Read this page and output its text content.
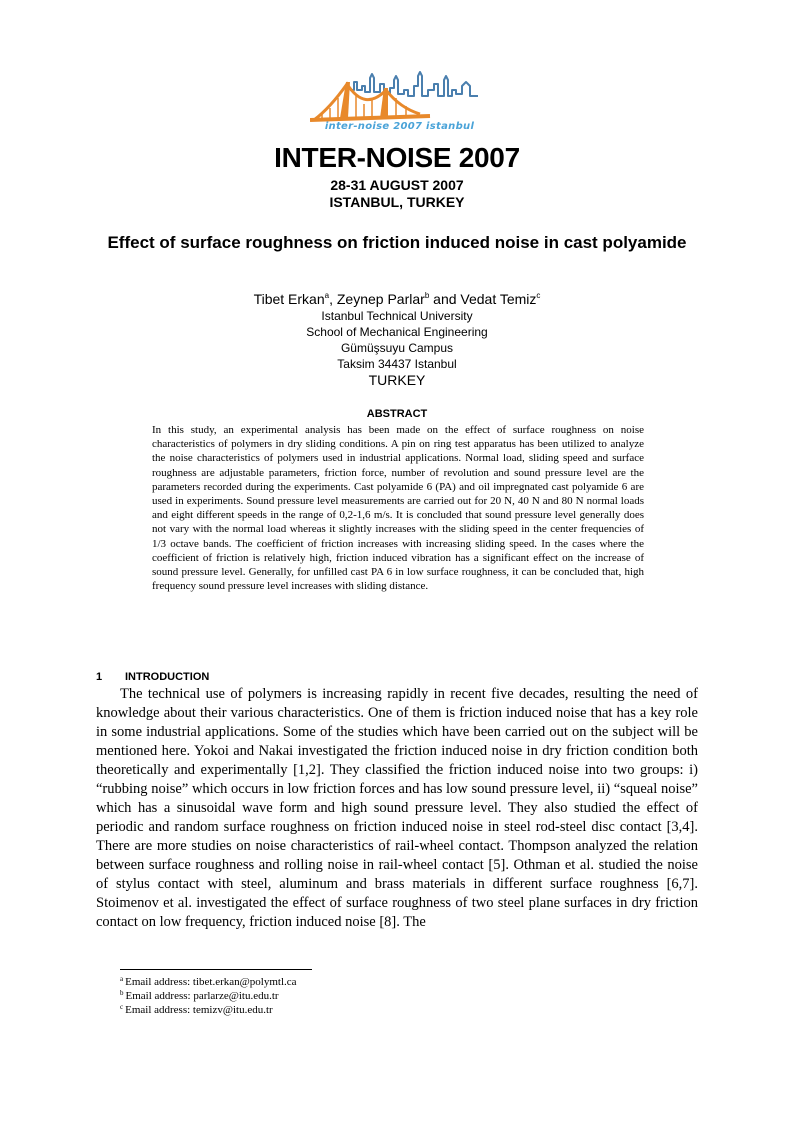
inter-noise 2007 istanbul
INTER-NOISE 2007
28-31 AUGUST 2007
ISTANBUL, TURKEY
Effect of surface roughness on friction induced noise in cast polyamide
Tibet Erkan$^a$, Zeynep Parlar$^b$ and Vedat Temiz$^c$
Istanbul Technical University
School of Mechanical Engineering
Gümüşsuyu Campus
Taksim 34437 Istanbul
TURKEY
ABSTRACT

In this study, an experimental analysis has been made on the effect of surface roughness on noise characteristics of polymers in dry sliding conditions. A pin on ring test apparatus has been utilized to analyze the noise characteristics of polymers used in industrial applications. Normal load, sliding speed and surface roughness are adjustable parameters, friction force, number of revolution and sound pressure level are the parameters recorded during the experiments. Cast polyamide 6 (PA) and oil impregnated cast polyamide 6 are used in experiments. Sound pressure level measurements are carried out for 20 N, 40 N and 80 N normal loads and eight different speeds in the range of 0,2-1,6 m/s. It is concluded that sound pressure level generally does not vary with the normal load whereas it slightly increases with the sliding speed in the center frequencies of 1/3 octave bands. The coefficient of friction increases with increasing sliding speed. In the cases where the coefficient of friction is relatively high, friction induced vibration has a significant effect on the increase of sound pressure level. Generally, for unfilled cast PA 6 in low surface roughness, it can be concluded that, high frequency sound pressure level increases with sliding distance.

1 INTRODUCTION

The technical use of polymers is increasing rapidly in recent five decades, resulting the need of knowledge about their various characteristics. One of them is friction induced noise that has a key role in some industrial applications. Some of the studies which have been carried out on the subject will be mentioned here. Yokoi and Nakai investigated the friction induced noise in dry friction condition both theoretically and experimentally [1,2]. They classified the friction induced noise into two groups: i) “rubbing noise” which occurs in low friction forces and has low sound pressure level, ii) “squeal noise” which has a sinusoidal wave form and high sound pressure level. They also studied the effect of periodic and random surface roughness on friction induced noise in steel rod-steel disc contact [3,4]. There are more studies on noise characteristics of rail-wheel contact. Thompson analyzed the relation between surface roughness and rolling noise in rail-wheel contact [5]. Othman et al. studied the noise of stylus contact with steel, aluminum and brass materials in different surface roughness [6,7]. Stoimenov et al. investigated the effect of surface roughness of two steel plane surfaces in dry friction contact on low frequency, friction induced noise [8]. The

$^a$ Email address: tibet.erkan@polymtl.ca
$^b$ Email address: parlarze@itu.edu.tr
$^c$ Email address: temizv@itu.edu.tr
